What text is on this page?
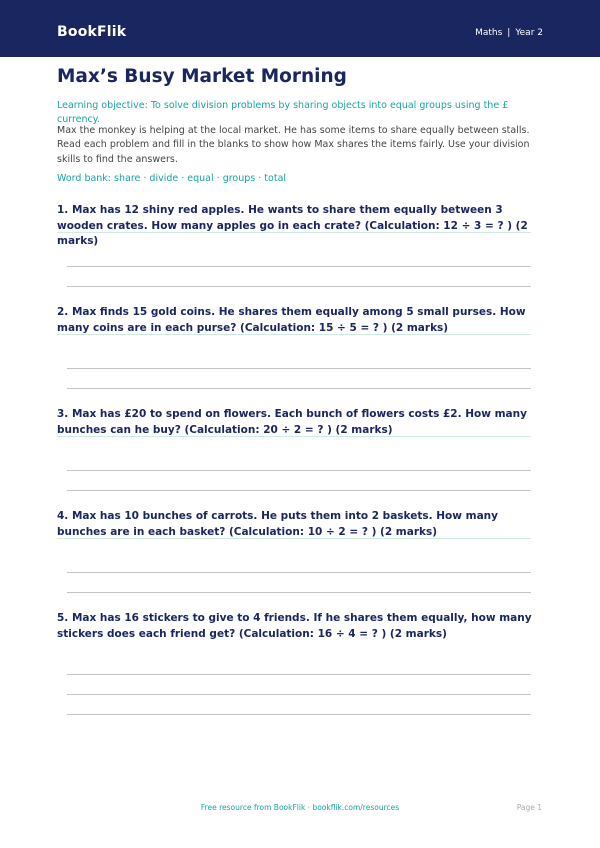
BookFlik	Maths | Year 2
Max’s Busy Market Morning

Learning objective: To solve division problems by sharing objects into equal groups using the £ currency.

Max the monkey is helping at the local market. He has some items to share equally between stalls. Read each problem and fill in the blanks to show how Max shares the items fairly. Use your division skills to find the answers.

Word bank: share · divide · equal · groups · total

1. Max has 12 shiny red apples. He wants to share them equally between 3 wooden crates. How many apples go in each crate? (Calculation: 12 ÷ 3 = ? ) (2 marks)

2. Max finds 15 gold coins. He shares them equally among 5 small purses. How many coins are in each purse? (Calculation: 15 ÷ 5 = ? ) (2 marks)

3. Max has £20 to spend on flowers. Each bunch of flowers costs £2. How many bunches can he buy? (Calculation: 20 ÷ 2 = ? ) (2 marks)

4. Max has 10 bunches of carrots. He puts them into 2 baskets. How many bunches are in each basket? (Calculation: 10 ÷ 2 = ? ) (2 marks)

5. Max has 16 stickers to give to 4 friends. If he shares them equally, how many stickers does each friend get? (Calculation: 16 ÷ 4 = ? ) (2 marks)

Free resource from BookFlik · bookflik.com/resources	Page 1
